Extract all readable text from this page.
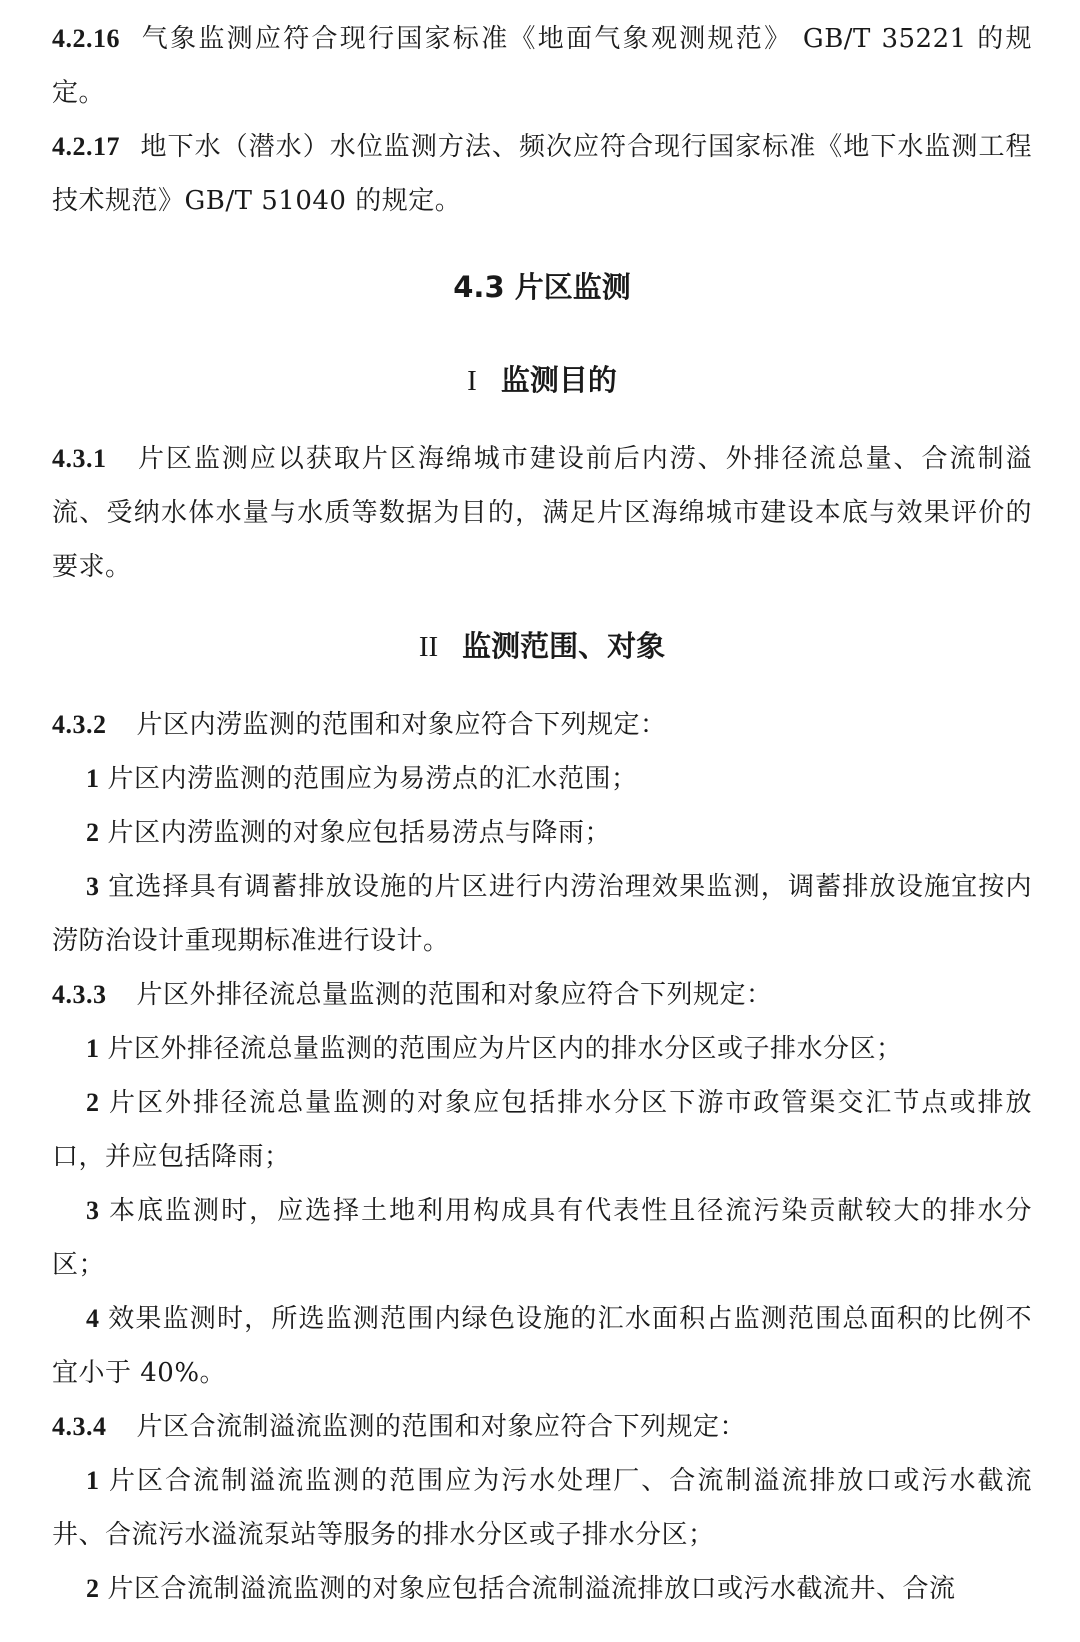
4.2.16 气象监测应符合现行国家标准《地面气象观测规范》 GB/T 35221 的规定。

4.2.17 地下水（潜水）水位监测方法、频次应符合现行国家标准《地下水监测工程技术规范》GB/T 51040 的规定。

4.3 片区监测
I 监测目的

4.3.1 片区监测应以获取片区海绵城市建设前后内涝、外排径流总量、合流制溢流、受纳水体水量与水质等数据为目的，满足片区海绵城市建设本底与效果评价的要求。

II 监测范围、对象

4.3.2 片区内涝监测的范围和对象应符合下列规定：

1 片区内涝监测的范围应为易涝点的汇水范围；

2 片区内涝监测的对象应包括易涝点与降雨；

3 宜选择具有调蓄排放设施的片区进行内涝治理效果监测，调蓄排放设施宜按内涝防治设计重现期标准进行设计。

4.3.3 片区外排径流总量监测的范围和对象应符合下列规定：

1 片区外排径流总量监测的范围应为片区内的排水分区或子排水分区；

2 片区外排径流总量监测的对象应包括排水分区下游市政管渠交汇节点或排放口，并应包括降雨；

3 本底监测时，应选择土地利用构成具有代表性且径流污染贡献较大的排水分区；

4 效果监测时，所选监测范围内绿色设施的汇水面积占监测范围总面积的比例不宜小于 40%。

4.3.4 片区合流制溢流监测的范围和对象应符合下列规定：

1 片区合流制溢流监测的范围应为污水处理厂、合流制溢流排放口或污水截流井、合流污水溢流泵站等服务的排水分区或子排水分区；

2 片区合流制溢流监测的对象应包括合流制溢流排放口或污水截流井、合流
